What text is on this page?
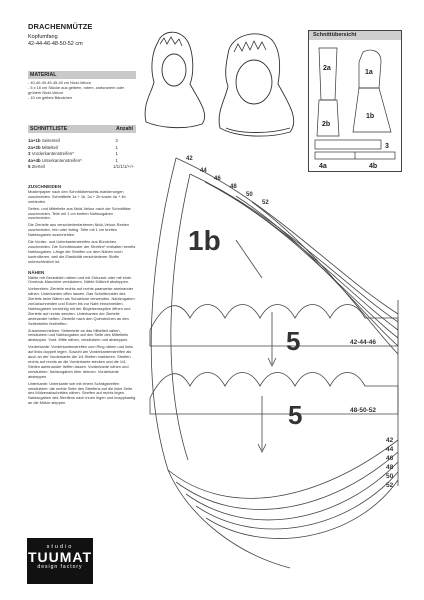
DRACHENMÜTZE
Kopfumfang
42-44-46-48-50-52 cm
MATERIAL
- 40-40-40-45-45-45 cm Nicki-Velour
- 5 x 16 cm Stücke aus gelbem, rotem, zartoranem oder grünem Nicki-Velour
- 10 cm gelbes Bändchen
SCHNITTLISTE	Anzahl
1a+1b Seitenteil	2
2a+2b Mittelteil	1
3 Vorderkantenstreifen*	1
4a+4b Unterkantenstreifen*	1
5 Zierteil	1/1/1/1/+/+
ZUSCHNEIDEN
Musterpapier nach den Schnittübersichts-markierungen zuschneiden. Schnittteile 1a + 1b, 2a + 2b sowie 4a + 4b verbinden.
Seiten- und Mittelteile aus Nicki-Velour nach der Schnittliste zuschneiden. Teile mit 1 cm breiten Nahtzugaben zuschneiden.
Die Zierteile aus verschiedenfarbenen Nicki-Velour-Resten zuschneiden, rein oder farbig. Teile mit 1 cm breiten Nahtzugaben zuschneiden.
Die Vorder- und Unterkantenstreifen aus Bündchen zuschneiden. Die Schnittmuster der Streifen* enthalten bereits Nahtzugaben. Länge der Streifen vor dem Nähen noch kontrollieren, weil die Elastizität verschiedener Stoffe unterschiedlich ist.
NÄHEN
Nähte mit Geradstich nähen und mit Zickzack oder mit einer Overlock-Maschine versäubern. Nähte füßbreit absteppen.
Vorbereiten: Zierteile rechts auf rechts paarweise aneinander nähen. Unterkanten offen lassen. Das Schnittmuster des Zierteils beim Nähen als Schablone verwenden. Nahtzugaben zurückschneiden und Ecken bis zur Naht einschneiden. Nahtzugaben vorsichtig mit der Bügelsensspitze öffnen und Zierteile auf rechts wenden. Unterkanten der Zierteile aneinander heften. Zierteile nach den Querstrichen an den Seitenteilen festheften.
Zusammennetzen: Seitenteile an das Mittelteil nähen, versäubern und Nahtzugaben auf den Seite des Mittelteils absteppen. Vord. Mitte nähen, versäubern und absteppen.
Vorderkante: Vorderkantenstreifen zum Ring nähen und links auf links doppelt legen. Sowohl am Vorderkantenstreifen als auch an der Vorderkante die 1/4-Stellen markieren. Streifen rechts auf rechts an die Vorderkante stecken und die 1/4-Stellen aufeinander treffen lassen. Vorderkante nähen und versäubern. Nahtzugaben über dehnen. Vorderkante absteppen.
Unterkante: Unterkante wie mit einem Schrägstreifen versäubern: die rechte Seite des Streifens auf die linke Seite des Mützenabschnittes nähen. Streifen auf rechts legen. Nahtzugaben des Streifens nach innen legen und knappkantig an die Mütze steppen.
studio
TUUMAT
design factory
Schnittübersicht
2a
1a
2b
1b
3
4a	4b
1b
5
5
42-44-46
48-50-52
42
44
46
48
50
52
42
44
46
48
50
52
